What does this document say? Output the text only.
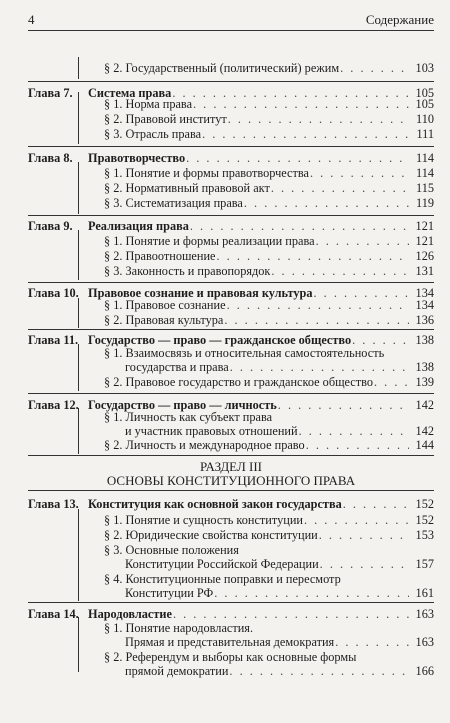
4	Содержание
§ 2. Государственный (политический) режим . . .	103
Глава 7. Система права . . .	105
§ 1. Норма права . . .	105
§ 2. Правовой институт . . .	110
§ 3. Отрасль права . . .	111
Глава 8. Правотворчество . . .	114
§ 1. Понятие и формы правотворчества . . .	114
§ 2. Нормативный правовой акт . . .	115
§ 3. Систематизация права . . .	119
Глава 9. Реализация права . . .	121
§ 1. Понятие и формы реализации права . . .	121
§ 2. Правоотношение . . .	126
§ 3. Законность и правопорядок . . .	131
Глава 10. Правовое сознание и правовая культура . . .	134
§ 1. Правовое сознание . . .	134
§ 2. Правовая культура . . .	136
Глава 11. Государство — право — гражданское общество . . .	138
§ 1. Взаимосвязь и относительная самостоятельность
государства и права . . .	138
§ 2. Правовое государство и гражданское общество . . .	139
Глава 12. Государство — право — личность . . .	142
§ 1. Личность как субъект права
и участник правовых отношений . . .	142
§ 2. Личность и международное право . . .	144
РАЗДЕЛ III
ОСНОВЫ КОНСТИТУЦИОННОГО ПРАВА
Глава 13. Конституция как основной закон государства . . .	152
§ 1. Понятие и сущность конституции . . .	152
§ 2. Юридические свойства конституции . . .	153
§ 3. Основные положения
Конституции Российской Федерации . . .	157
§ 4. Конституционные поправки и пересмотр
Конституции РФ . . .	161
Глава 14. Народовластие . . .	163
§ 1. Понятие народовластия.
Прямая и представительная демократия . . .	163
§ 2. Референдум и выборы как основные формы
прямой демократии . . .	166
